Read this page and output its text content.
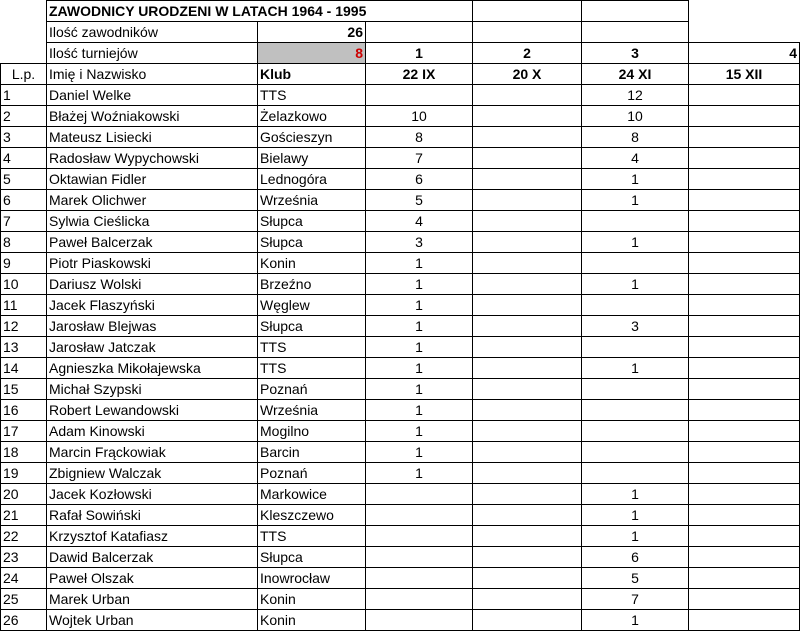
	ZAWODNICY URODZENI W LATACH 1964 - 1995					
	Ilość zawodników	26				
	Ilość turniejów	8	1	2	3	4
L.p.	Imię i Nazwisko	Klub	22 IX	20 X	24 XI	15 XII
1	Daniel Welke	TTS			12	
2	Błażej Woźniakowski	Żelazkowo	10		10	
3	Mateusz Lisiecki	Gościeszyn	8		8	
4	Radosław Wypychowski	Bielawy	7		4	
5	Oktawian Fidler	Lednogóra	6		1	
6	Marek Olichwer	Września	5		1	
7	Sylwia Cieślicka	Słupca	4			
8	Paweł Balcerzak	Słupca	3		1	
9	Piotr Piaskowski	Konin	1			
10	Dariusz Wolski	Brzeźno	1		1	
11	Jacek Flaszyński	Węglew	1			
12	Jarosław Blejwas	Słupca	1		3	
13	Jarosław Jatczak	TTS	1			
14	Agnieszka Mikołajewska	TTS	1		1	
15	Michał Szypski	Poznań	1			
16	Robert Lewandowski	Września	1			
17	Adam Kinowski	Mogilno	1			
18	Marcin Frąckowiak	Barcin	1			
19	Zbigniew Walczak	Poznań	1			
20	Jacek Kozłowski	Markowice			1	
21	Rafał Sowiński	Kleszczewo			1	
22	Krzysztof Katafiasz	TTS			1	
23	Dawid Balcerzak	Słupca			6	
24	Paweł Olszak	Inowrocław			5	
25	Marek Urban	Konin			7	
26	Wojtek Urban	Konin			1	
